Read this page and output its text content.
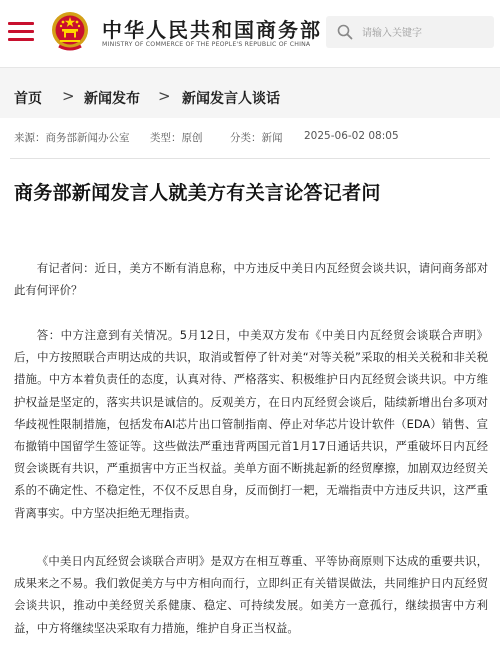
中华人民共和国商务部
MINISTRY OF COMMERCE OF THE PEOPLE'S REPUBLIC OF CHINA
请输入关键字
首页 > 新闻发布 > 新闻发言人谈话
来源：商务部新闻办公室 类型：原创	分类：新闻 2025-06-02 08:05
商务部新闻发言人就美方有关言论答记者问

有记者问：近日，美方不断有消息称，中方违反中美日内瓦经贸会谈共识，请问商务部对此有何评价？

答：中方注意到有关情况。5月12日，中美双方发布《中美日内瓦经贸会谈联合声明》后，中方按照联合声明达成的共识，取消或暂停了针对美“对等关税”采取的相关关税和非关税措施。中方本着负责任的态度，认真对待、严格落实、积极维护日内瓦经贸会谈共识。中方维护权益是坚定的，落实共识是诚信的。反观美方，在日内瓦经贸会谈后，陆续新增出台多项对华歧视性限制措施，包括发布AI芯片出口管制指南、停止对华芯片设计软件（EDA）销售、宣布撤销中国留学生签证等。这些做法严重违背两国元首1月17日通话共识，严重破坏日内瓦经贸会谈既有共识，严重损害中方正当权益。美单方面不断挑起新的经贸摩擦，加剧双边经贸关系的不确定性、不稳定性，不仅不反思自身，反而倒打一耙，无端指责中方违反共识，这严重背离事实。中方坚决拒绝无理指责。

《中美日内瓦经贸会谈联合声明》是双方在相互尊重、平等协商原则下达成的重要共识，成果来之不易。我们敦促美方与中方相向而行，立即纠正有关错误做法，共同维护日内瓦经贸会谈共识，推动中美经贸关系健康、稳定、可持续发展。如美方一意孤行，继续损害中方利益，中方将继续坚决采取有力措施，维护自身正当权益。
